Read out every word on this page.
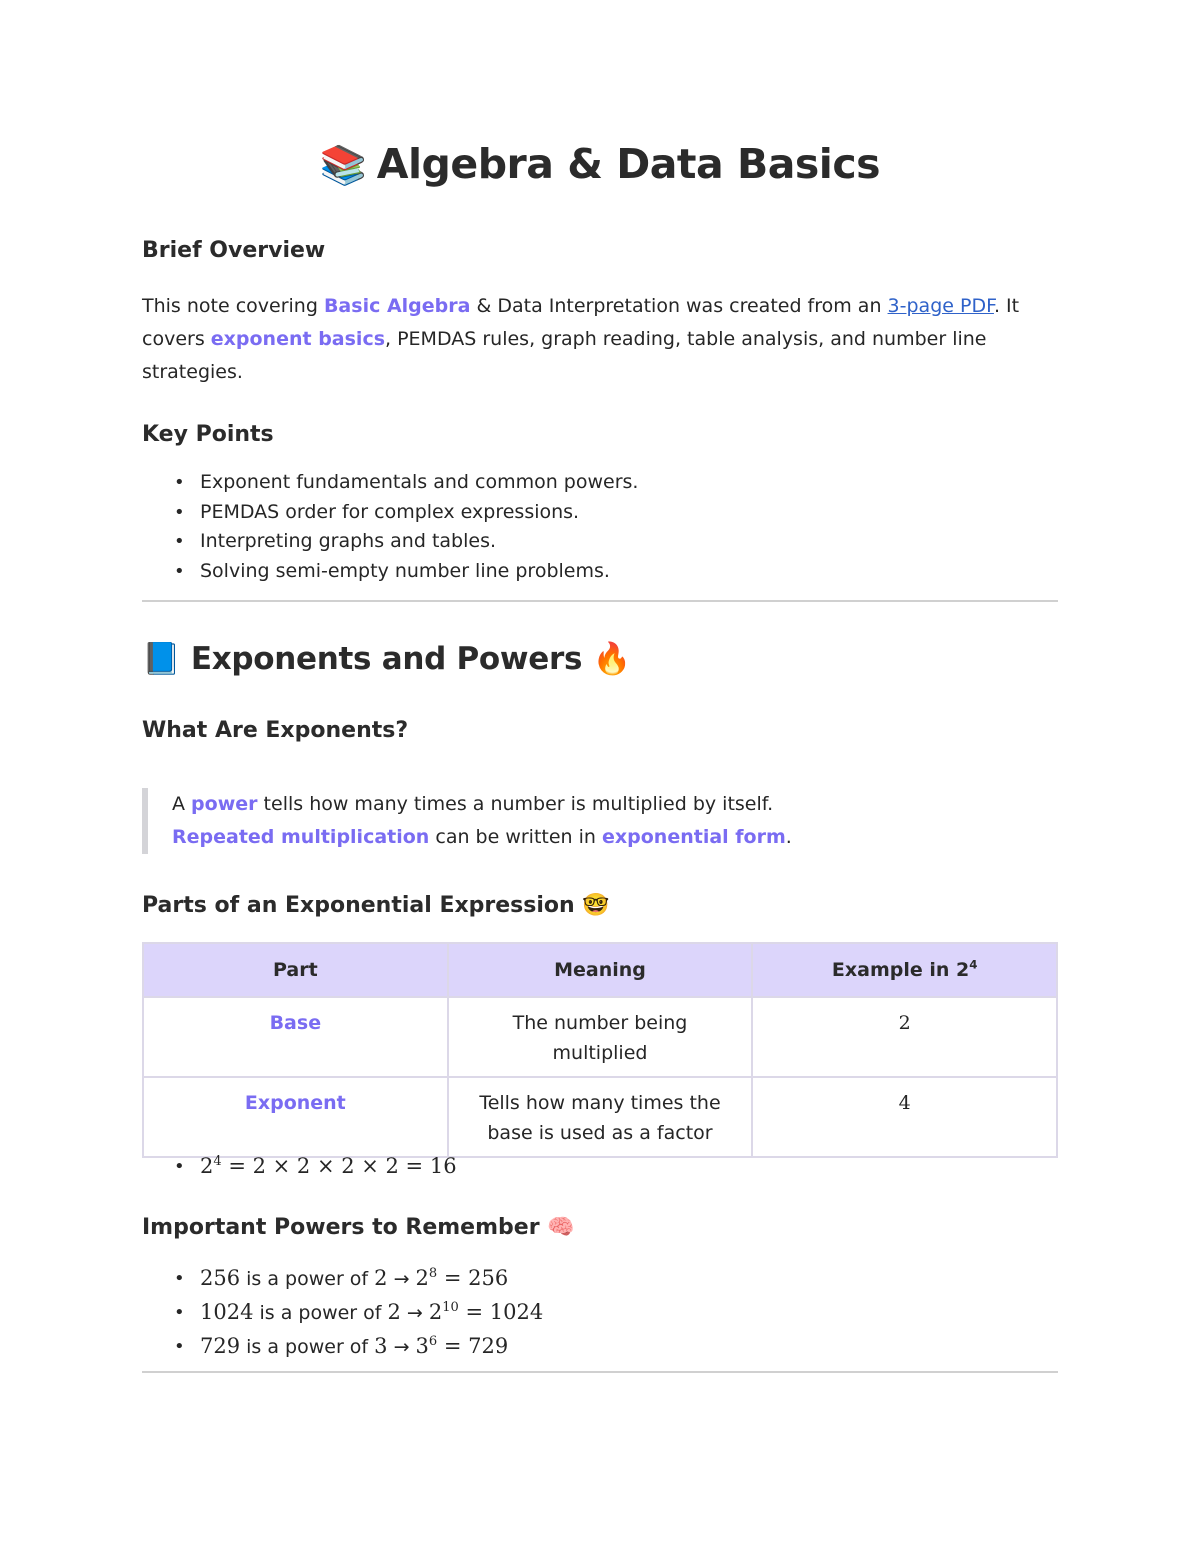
📚 Algebra & Data Basics
Brief Overview

This note covering Basic Algebra & Data Interpretation was created from an 3-page PDF. It covers exponent basics, PEMDAS rules, graph reading, table analysis, and number line strategies.

Key Points
• Exponent fundamentals and common powers.
• PEMDAS order for complex expressions.
• Interpreting graphs and tables.
• Solving semi-empty number line problems.
📘 Exponents and Powers 🔥
What Are Exponents?
A power tells how many times a number is multiplied by itself.
Repeated multiplication can be written in exponential form.
Parts of an Exponential Expression 🤓
Part	Meaning	Example in $2^4$
Base	The number being multiplied	2
Exponent	Tells how many times the base is used as a factor	4
• $2^4 = 2 \times 2 \times 2 \times 2 = 16$
Important Powers to Remember 🧠
• 256 is a power of $2 \to 2^8 = 256$
• 1024 is a power of $2 \to 2^{10} = 1024$
• 729 is a power of $3 \to 3^6 = 729$
